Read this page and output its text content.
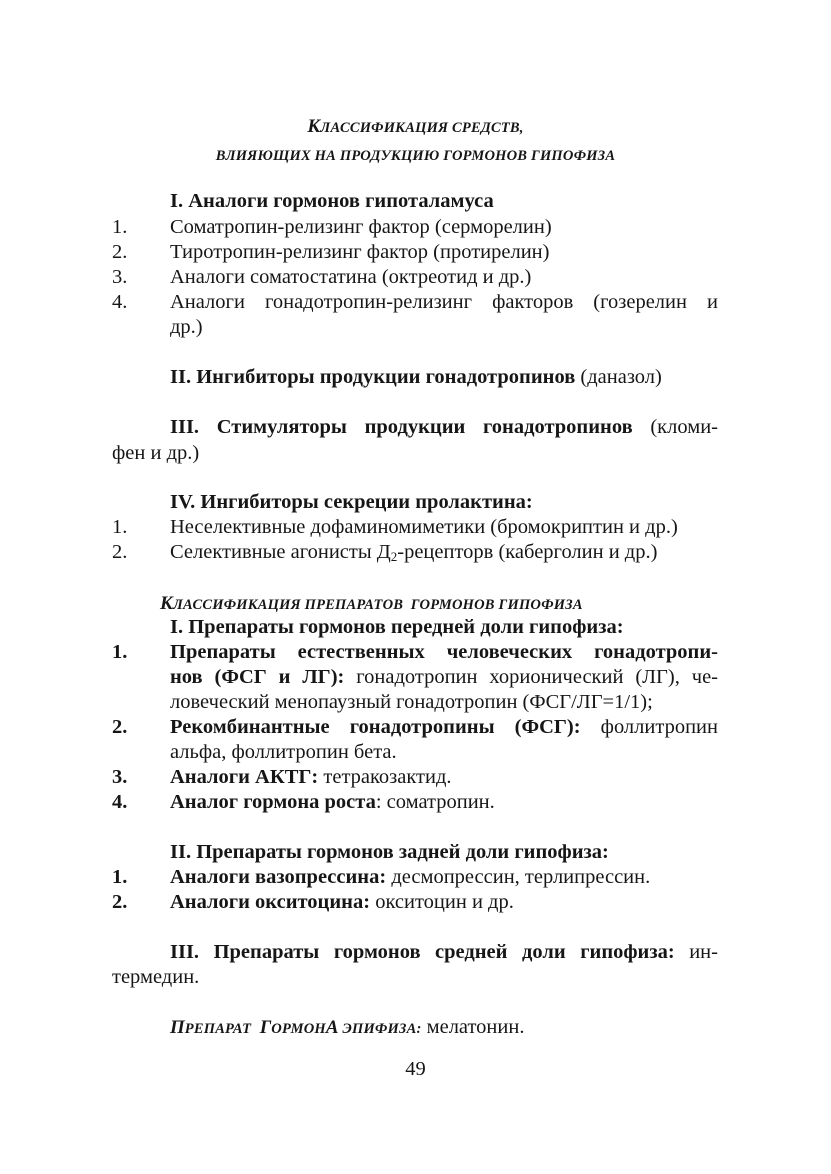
КЛАССИФИКАЦИЯ СРЕДСТВ,
ВЛИЯЮЩИХ НА ПРОДУКЦИЮ ГОРМОНОВ ГИПОФИЗА
I. Аналоги гормонов гипоталамуса
1. Соматропин-релизинг фактор (серморелин)
2. Тиротропин-релизинг фактор (протирелин)
3. Аналоги соматостатина (октреотид и др.)
4. Аналоги гонадотропин-релизинг факторов (гозерелин и
др.)
II. Ингибиторы продукции гонадотропинов (даназол)
III. Стимуляторы продукции гонадотропинов (кломи-
фен и др.)
IV. Ингибиторы секреции пролактина:
1. Неселективные дофаминомиметики (бромокриптин и др.)
2. Селективные агонисты $Д_2$-рецепторв (каберголин и др.)
КЛАССИФИКАЦИЯ ПРЕПАРАТОВ  ГОРМОНОВ ГИПОФИЗА
I. Препараты гормонов передней доли гипофиза:
1. Препараты естественных человеческих гонадотропи-
нов (ФСГ и ЛГ): гонадотропин хорионический (ЛГ), че-
ловеческий менопаузный гонадотропин (ФСГ/ЛГ=1/1);
2. Рекомбинантные гонадотропины (ФСГ): фоллитропин
альфа, фоллитропин бета.
3. Аналоги АКТГ: тетракозактид.
4. Аналог гормона роста: соматропин.
II. Препараты гормонов задней доли гипофиза:
1. Аналоги вазопрессина: десмопрессин, терлипрессин.
2. Аналоги окситоцина: окситоцин и др.
III. Препараты гормонов средней доли гипофиза: ин-
термедин.
ПРЕПАРАТ  ГОРМОНА ЭПИФИЗА: мелатонин.
49
